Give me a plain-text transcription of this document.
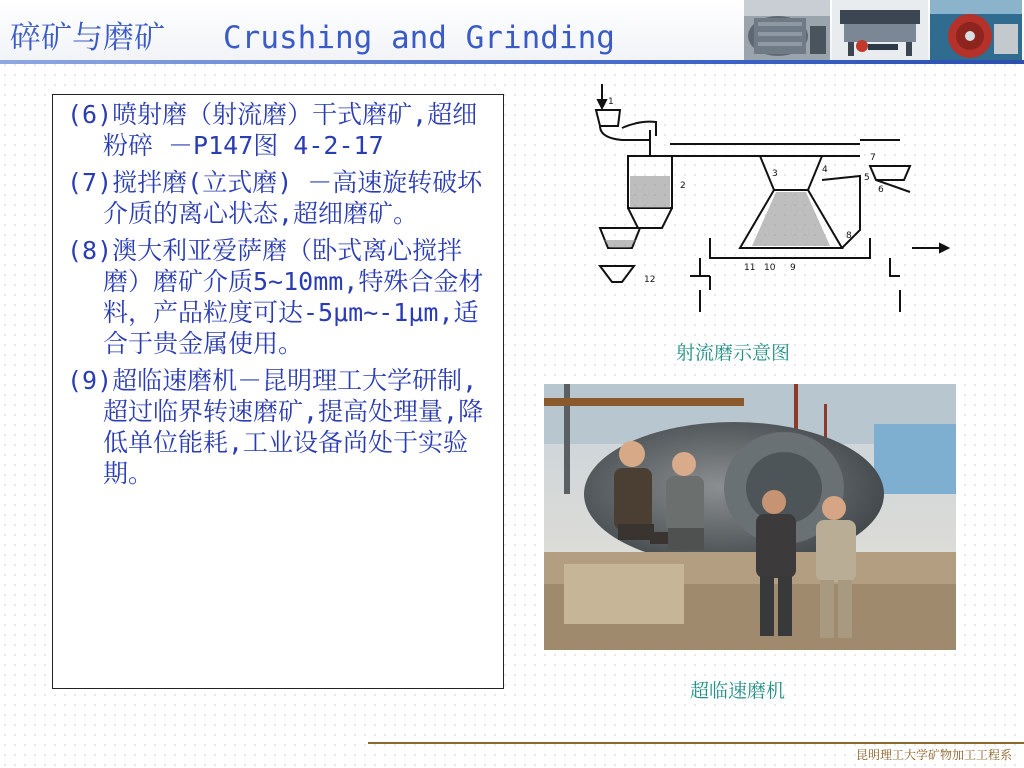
碎矿与磨矿 Crushing and Grinding
(6)喷射磨（射流磨）干式磨矿,超细粉碎 －P147图 4-2-17
(7)搅拌磨(立式磨) －高速旋转破坏介质的离心状态,超细磨矿。
(8)澳大利亚爱萨磨（卧式离心搅拌磨）磨矿介质5~10mm,特殊合金材料，产品粒度可达-5μm~-1μm,适合于贵金属使用。
(9)超临速磨机－昆明理工大学研制,超过临界转速磨矿,提高处理量,降低单位能耗,工业设备尚处于实验期。
1
2
3	4
5
6
7
8
9
10
11
12
射流磨示意图
超临速磨机
昆明理工大学矿物加工工程系
